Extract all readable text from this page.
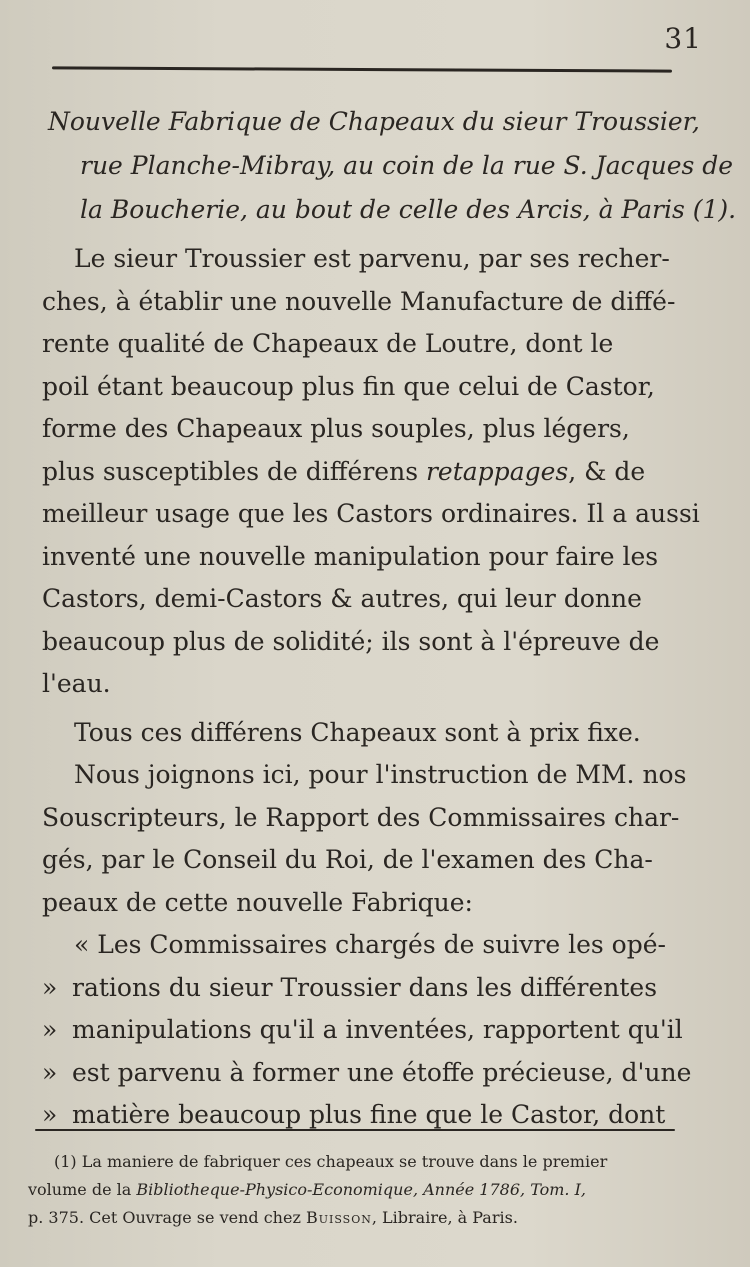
31
Nouvelle Fabrique de Chapeaux du sieur Troussier,
rue Planche-Mibray, au coin de la rue S. Jacques de
la Boucherie, au bout de celle des Arcis, à Paris (1).
Le sieur Troussier est parvenu, par ses recher-
ches, à établir une nouvelle Manufacture de diffé-
rente qualité de Chapeaux de Loutre, dont le
poil étant beaucoup plus fin que celui de Castor,
forme des Chapeaux plus souples, plus légers,
plus susceptibles de différens retappages, & de
meilleur usage que les Castors ordinaires. Il a aussi
inventé une nouvelle manipulation pour faire les
Castors, demi-Castors & autres, qui leur donne
beaucoup plus de solidité; ils sont à l'épreuve de
l'eau.
Tous ces différens Chapeaux sont à prix fixe.
Nous joignons ici, pour l'instruction de MM. nos
Souscripteurs, le Rapport des Commissaires char-
gés, par le Conseil du Roi, de l'examen des Cha-
peaux de cette nouvelle Fabrique:
« Les Commissaires chargés de suivre les opé-
» rations du sieur Troussier dans les différentes
» manipulations qu'il a inventées, rapportent qu'il
» est parvenu à former une étoffe précieuse, d'une
» matière beaucoup plus fine que le Castor, dont
(1) La maniere de fabriquer ces chapeaux se trouve dans le premier
volume de la Bibliotheque-Physico-Economique, Année 1786, Tom. I,
p. 375. Cet Ouvrage se vend chez Buisson, Libraire, à Paris.
